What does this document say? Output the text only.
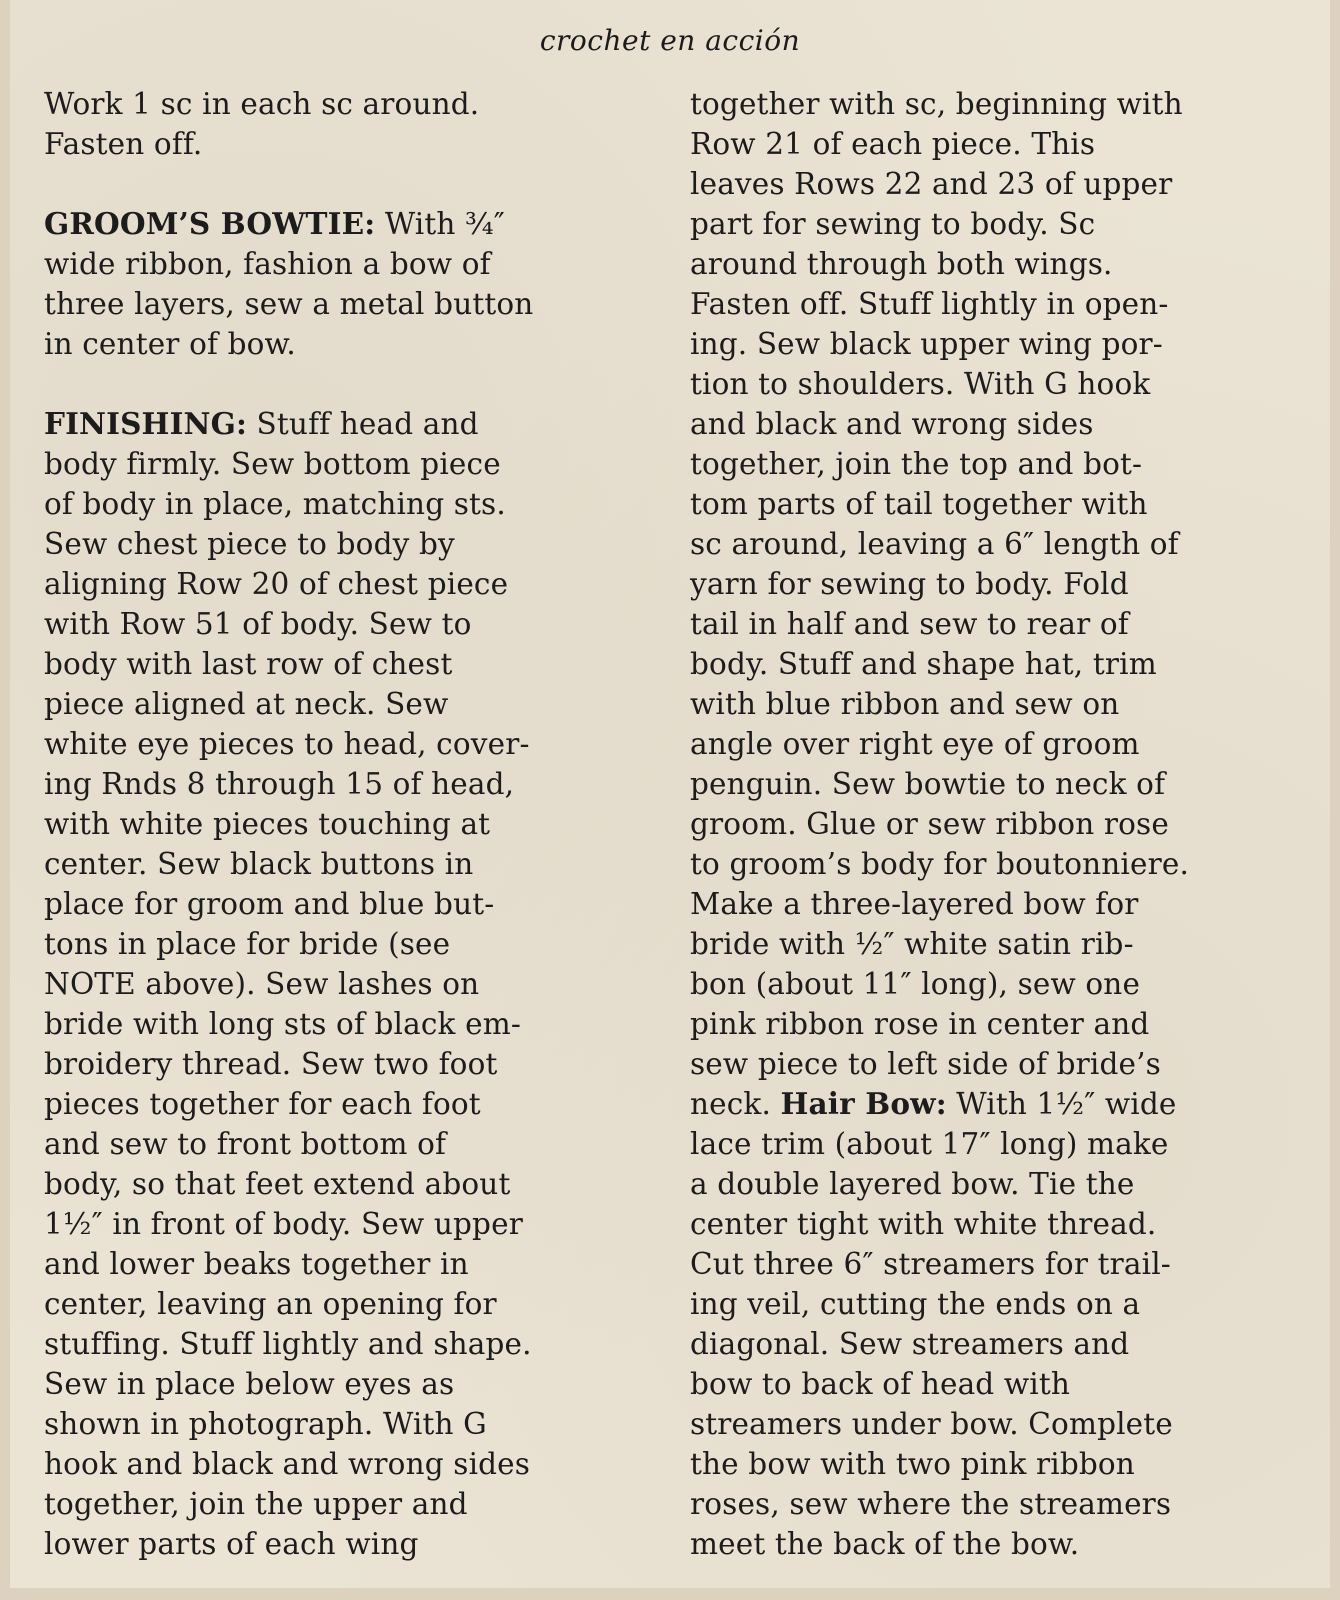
crochet en acción
Work 1 sc in each sc around.
Fasten off.
GROOM’S BOWTIE: With ¾″
wide ribbon, fashion a bow of
three layers, sew a metal button
in center of bow.
FINISHING: Stuff head and
body firmly. Sew bottom piece
of body in place, matching sts.
Sew chest piece to body by
aligning Row 20 of chest piece
with Row 51 of body. Sew to
body with last row of chest
piece aligned at neck. Sew
white eye pieces to head, cover-
ing Rnds 8 through 15 of head,
with white pieces touching at
center. Sew black buttons in
place for groom and blue but-
tons in place for bride (see
NOTE above). Sew lashes on
bride with long sts of black em-
broidery thread. Sew two foot
pieces together for each foot
and sew to front bottom of
body, so that feet extend about
1½″ in front of body. Sew upper
and lower beaks together in
center, leaving an opening for
stuffing. Stuff lightly and shape.
Sew in place below eyes as
shown in photograph. With G
hook and black and wrong sides
together, join the upper and
lower parts of each wing
together with sc, beginning with
Row 21 of each piece. This
leaves Rows 22 and 23 of upper
part for sewing to body. Sc
around through both wings.
Fasten off. Stuff lightly in open-
ing. Sew black upper wing por-
tion to shoulders. With G hook
and black and wrong sides
together, join the top and bot-
tom parts of tail together with
sc around, leaving a 6″ length of
yarn for sewing to body. Fold
tail in half and sew to rear of
body. Stuff and shape hat, trim
with blue ribbon and sew on
angle over right eye of groom
penguin. Sew bowtie to neck of
groom. Glue or sew ribbon rose
to groom’s body for boutonniere.
Make a three-layered bow for
bride with ½″ white satin rib-
bon (about 11″ long), sew one
pink ribbon rose in center and
sew piece to left side of bride’s
neck. Hair Bow: With 1½″ wide
lace trim (about 17″ long) make
a double layered bow. Tie the
center tight with white thread.
Cut three 6″ streamers for trail-
ing veil, cutting the ends on a
diagonal. Sew streamers and
bow to back of head with
streamers under bow. Complete
the bow with two pink ribbon
roses, sew where the streamers
meet the back of the bow.
